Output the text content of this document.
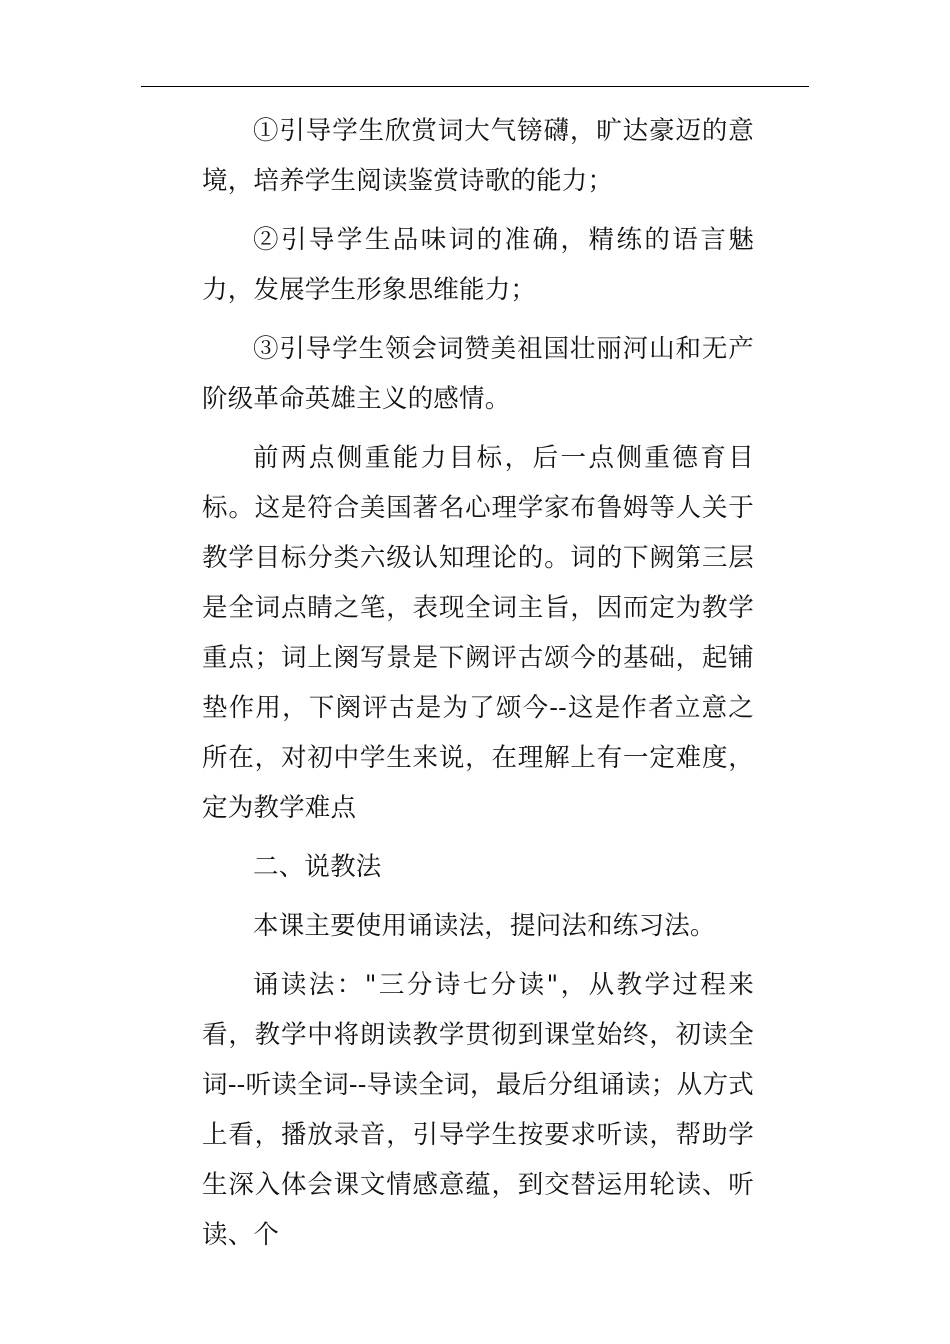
①引导学生欣赏词大气镑礴，旷达豪迈的意境，培养学生阅读鉴赏诗歌的能力；

②引导学生品味词的准确，精练的语言魅力，发展学生形象思维能力；

③引导学生领会词赞美祖国壮丽河山和无产阶级革命英雄主义的感情。

前两点侧重能力目标，后一点侧重德育目标。这是符合美国著名心理学家布鲁姆等人关于教学目标分类六级认知理论的。词的下阙第三层是全词点睛之笔，表现全词主旨，因而定为教学重点；词上阕写景是下阙评古颂今的基础，起铺垫作用，下阕评古是为了颂今--这是作者立意之所在，对初中学生来说，在理解上有一定难度，定为教学难点

二、说教法

本课主要使用诵读法，提问法和练习法。

诵读法："三分诗七分读"，从教学过程来看，教学中将朗读教学贯彻到课堂始终，初读全词--听读全词--导读全词，最后分组诵读；从方式上看，播放录音，引导学生按要求听读，帮助学生深入体会课文情感意蕴，到交替运用轮读、听读、个
